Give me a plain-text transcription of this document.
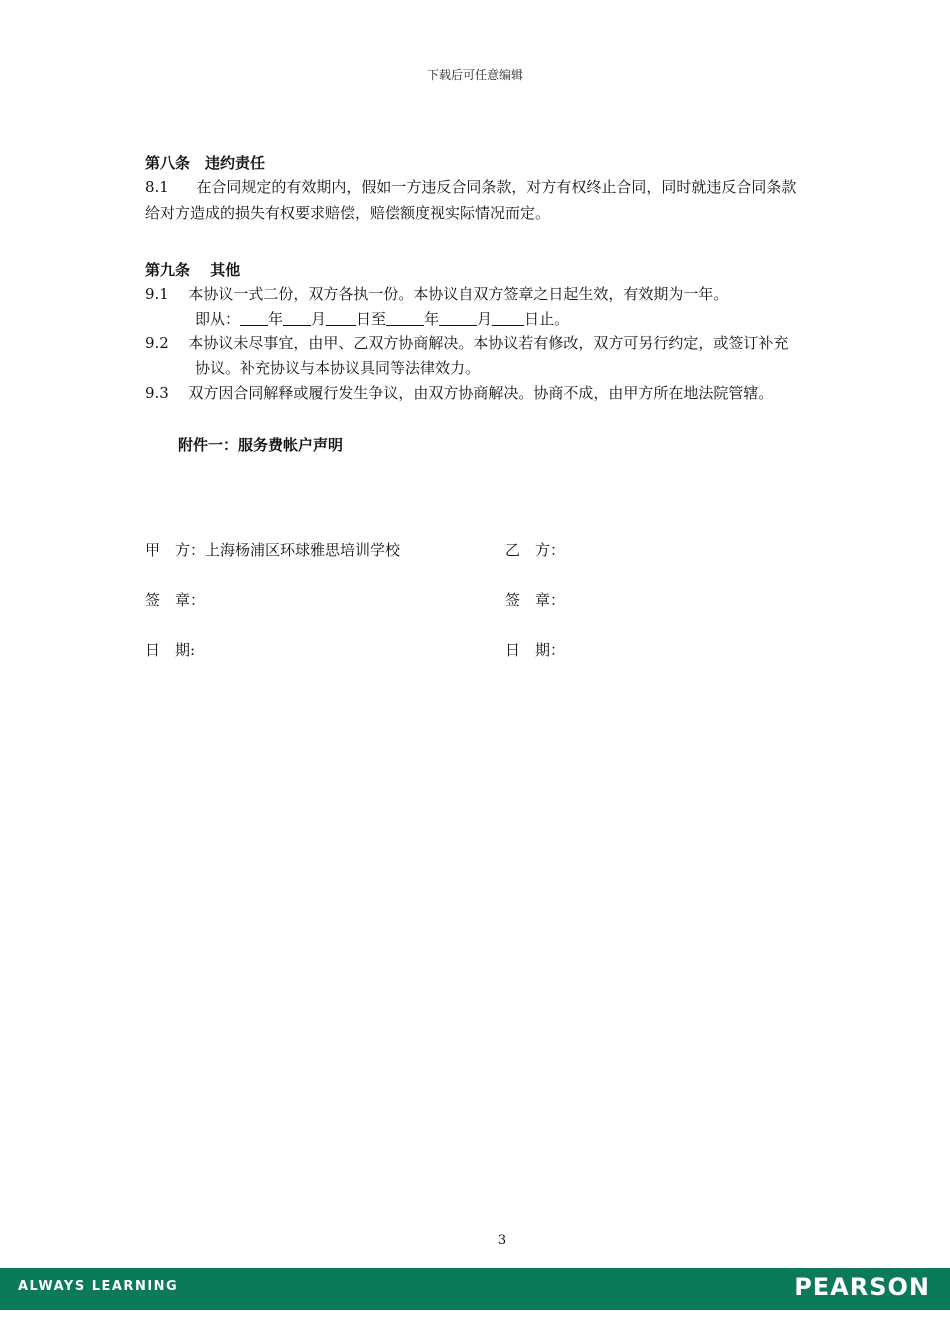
下载后可任意编辑
第八条　违约责任
8.1 在合同规定的有效期内，假如一方违反合同条款，对方有权终止合同，同时就违反合同条款
给对方造成的损失有权要求赔偿，赔偿额度视实际情况而定。
第九条　 其他
9.1 本协议一式二份，双方各执一份。本协议自双方签章之日起生效，有效期为一年。
即从： 年 月 日至	年	月 日止。
9.2 本协议未尽事宜，由甲、乙双方协商解决。本协议若有修改，双方可另行约定，或签订补充
协议。补充协议与本协议具同等法律效力。
9.3 双方因合同解释或履行发生争议，由双方协商解决。协商不成，由甲方所在地法院管辖。
附件一：服务费帐户声明
甲　方：上海杨浦区环球雅思培训学校	乙　方：
签　章：	签　章：
日　期:	日　期：
3
ALWAYS LEARNING	PEARSON
